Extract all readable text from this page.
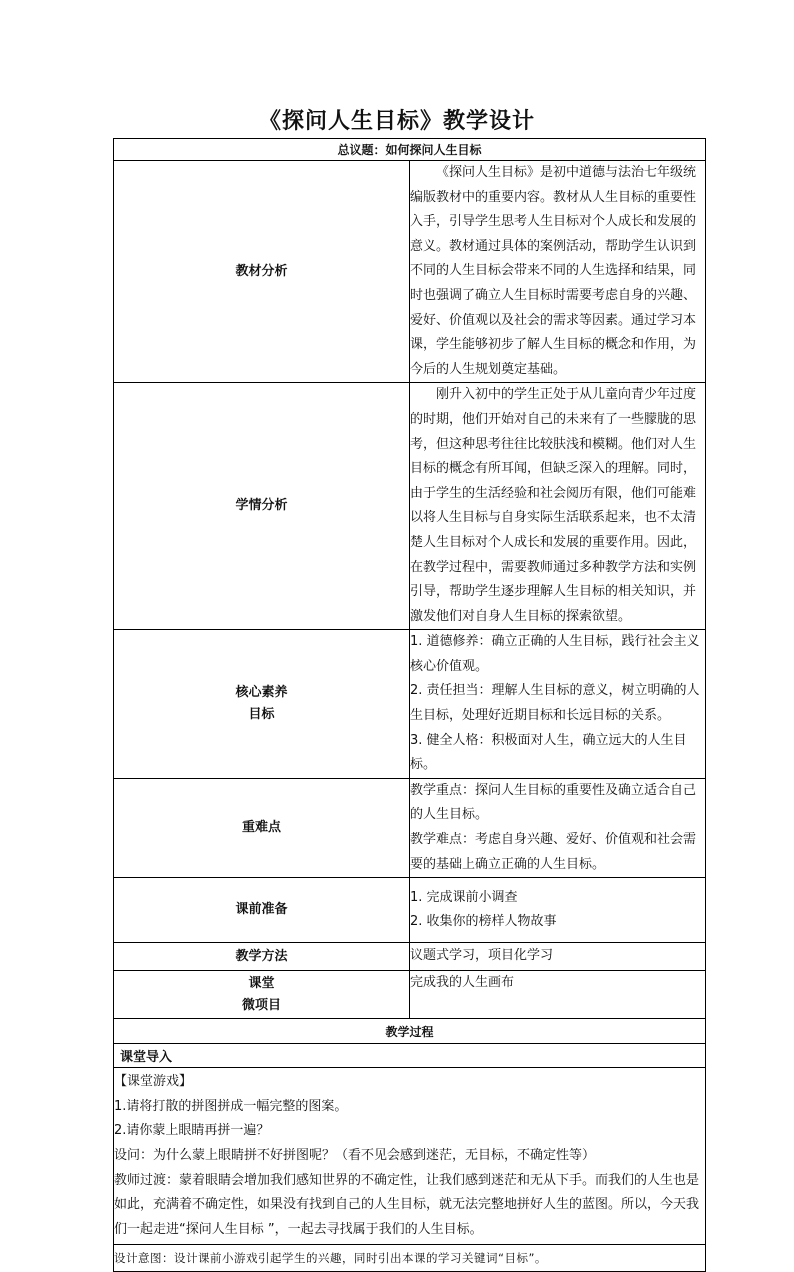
《探问人生目标》教学设计
总议题：如何探问人生目标	
教材分析	《探问人生目标》是初中道德与法治七年级统编版教材中的重要内容。教材从人生目标的重要性入手，引导学生思考人生目标对个人成长和发展的意义。教材通过具体的案例活动，帮助学生认识到不同的人生目标会带来不同的人生选择和结果，同时也强调了确立人生目标时需要考虑自身的兴趣、爱好、价值观以及社会的需求等因素。通过学习本课，学生能够初步了解人生目标的概念和作用，为今后的人生规划奠定基础。

学情分析	刚升入初中的学生正处于从儿童向青少年过度的时期，他们开始对自己的未来有了一些朦胧的思考，但这种思考往往比较肤浅和模糊。他们对人生目标的概念有所耳闻，但缺乏深入的理解。同时，由于学生的生活经验和社会阅历有限，他们可能难以将人生目标与自身实际生活联系起来，也不太清楚人生目标对个人成长和发展的重要作用。因此，在教学过程中，需要教师通过多种教学方法和实例引导，帮助学生逐步理解人生目标的相关知识，并激发他们对自身人生目标的探索欲望。

核心素养
目标	1. 道德修养：确立正确的人生目标，践行社会主义核心价值观。
2. 责任担当：理解人生目标的意义，树立明确的人生目标，处理好近期目标和长远目标的关系。
3. 健全人格：积极面对人生，确立远大的人生目标。

重难点	教学重点：探问人生目标的重要性及确立适合自己的人生目标。
教学难点：考虑自身兴趣、爱好、价值观和社会需要的基础上确立正确的人生目标。

课前准备	1. 完成课前小调查
2. 收集你的榜样人物故事

教学方法	议题式学习，项目化学习

课堂
微项目	完成我的人生画布
教学过程	
课堂导入	

【课堂游戏】
1.请将打散的拼图拼成一幅完整的图案。
2.请你蒙上眼睛再拼一遍？
设问：为什么蒙上眼睛拼不好拼图呢？（看不见会感到迷茫，无目标，不确定性等）
教师过渡：蒙着眼睛会增加我们感知世界的不确定性，让我们感到迷茫和无从下手。而我们的人生也是如此，充满着不确定性，如果没有找到自己的人生目标，就无法完整地拼好人生的蓝图。所以，今天我们一起走进“探问人生目标 ”，一起去寻找属于我们的人生目标。	

设计意图：设计课前小游戏引起学生的兴趣，同时引出本课的学习关键词“目标”。	
